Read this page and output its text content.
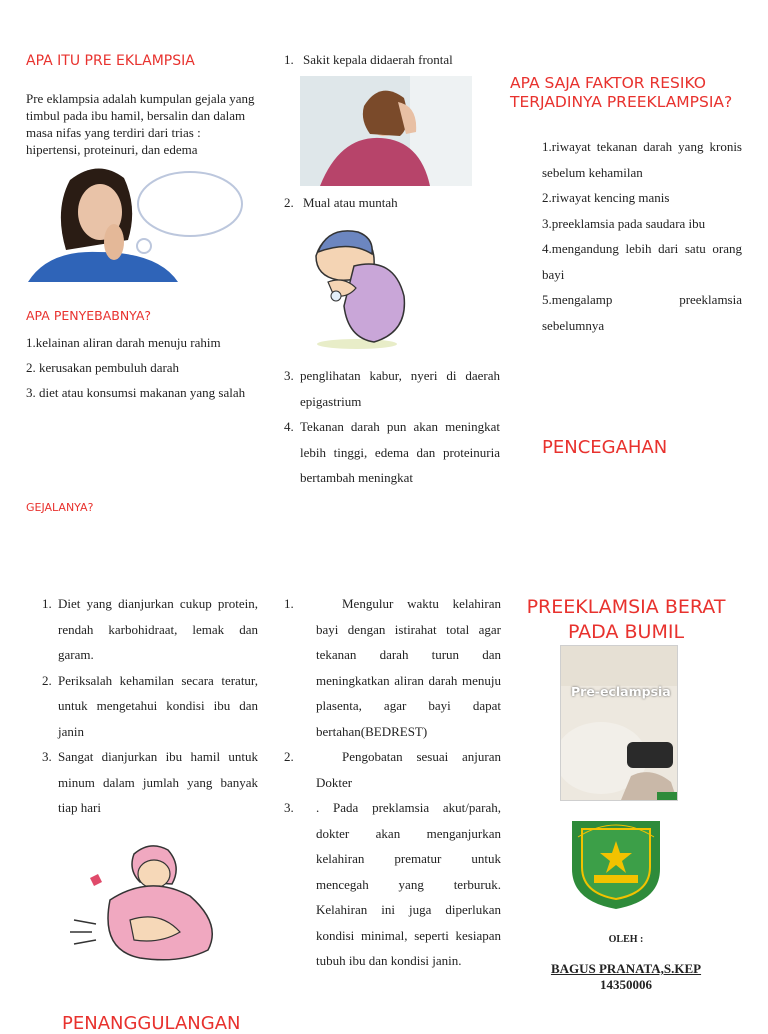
APA ITU PRE EKLAMPSIA
Pre eklampsia adalah kumpulan gejala yang timbul pada ibu hamil, bersalin dan dalam masa nifas yang terdiri dari trias : hipertensi, proteinuri, dan edema
APA PENYEBABNYA?
1.kelainan aliran darah menuju rahim
2. kerusakan pembuluh darah
3. diet atau konsumsi makanan yang salah
GEJALANYA?
1. Sakit kepala didaerah frontal
2. Mual atau muntah
3. penglihatan kabur, nyeri di daerah epigastrium
4. Tekanan darah pun akan meningkat lebih tinggi, edema dan proteinuria bertambah meningkat
APA SAJA FAKTOR RESIKO TERJADINYA PREEKLAMPSIA?
1.riwayat tekanan darah yang kronis sebelum kehamilan
2.riwayat kencing manis
3.preeklamsia pada saudara ibu
4.mengandung lebih dari satu orang bayi
5.mengalamp preeklamsia sebelumnya
PENCEGAHAN
1. Diet yang dianjurkan cukup protein, rendah karbohidraat, lemak dan garam.
2. Periksalah kehamilan secara teratur, untuk mengetahui kondisi ibu dan janin
3. Sangat dianjurkan ibu hamil untuk minum dalam jumlah yang banyak tiap hari
PENANGGULANGAN
1.	Mengulur waktu kelahiran bayi dengan istirahat total agar tekanan darah turun dan meningkatkan aliran darah menuju plasenta, agar bayi dapat bertahan(BEDREST)
2.	Pengobatan sesuai anjuran Dokter
3. . Pada preklamsia akut/parah, dokter akan menganjurkan kelahiran prematur untuk mencegah yang terburuk. Kelahiran ini juga diperlukan kondisi minimal, seperti kesiapan tubuh ibu dan kondisi janin.
PREEKLAMSIA BERAT PADA BUMIL
Pre-eclampsia
OLEH :
BAGUS PRANATA,S.KEP
14350006
